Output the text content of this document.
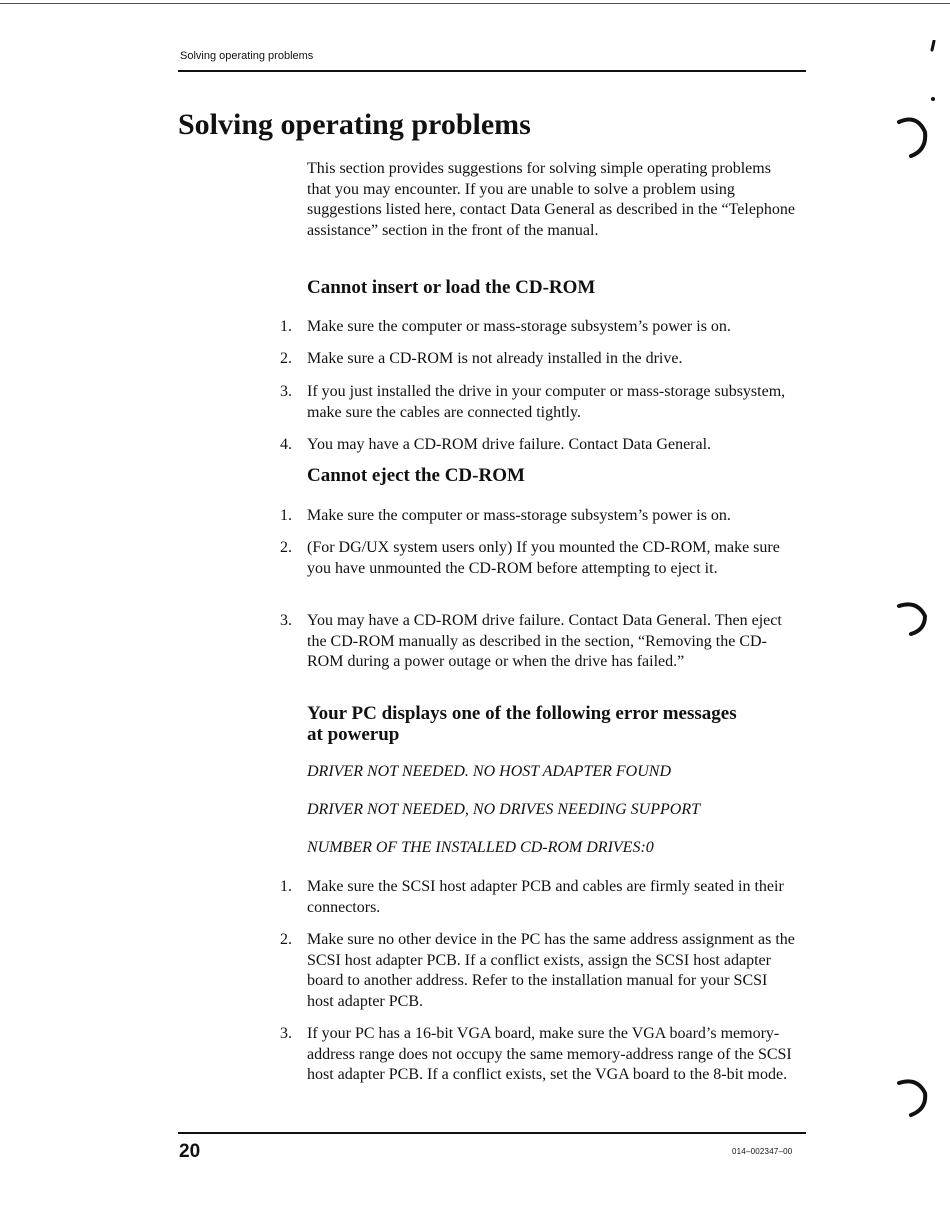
Solving operating problems
Solving operating problems
This section provides suggestions for solving simple operating problems that you may encounter. If you are unable to solve a problem using suggestions listed here, contact Data General as described in the “Telephone assistance” section in the front of the manual.
Cannot insert or load the CD-ROM
1. Make sure the computer or mass-storage subsystem’s power is on.
2. Make sure a CD-ROM is not already installed in the drive.
3. If you just installed the drive in your computer or mass-storage subsystem, make sure the cables are connected tightly.
4. You may have a CD-ROM drive failure. Contact Data General.
Cannot eject the CD-ROM
1. Make sure the computer or mass-storage subsystem’s power is on.
2. (For DG/UX system users only) If you mounted the CD-ROM, make sure you have unmounted the CD-ROM before attempting to eject it.
3. You may have a CD-ROM drive failure. Contact Data General. Then eject the CD-ROM manually as described in the section, “Removing the CD-ROM during a power outage or when the drive has failed.”
Your PC displays one of the following error messages at powerup
DRIVER NOT NEEDED. NO HOST ADAPTER FOUND
DRIVER NOT NEEDED, NO DRIVES NEEDING SUPPORT
NUMBER OF THE INSTALLED CD-ROM DRIVES:0
1. Make sure the SCSI host adapter PCB and cables are firmly seated in their connectors.
2. Make sure no other device in the PC has the same address assignment as the SCSI host adapter PCB. If a conflict exists, assign the SCSI host adapter board to another address. Refer to the installation manual for your SCSI host adapter PCB.
3. If your PC has a 16-bit VGA board, make sure the VGA board’s memory-address range does not occupy the same memory-address range of the SCSI host adapter PCB. If a conflict exists, set the VGA board to the 8-bit mode.
20	014–002347–00
